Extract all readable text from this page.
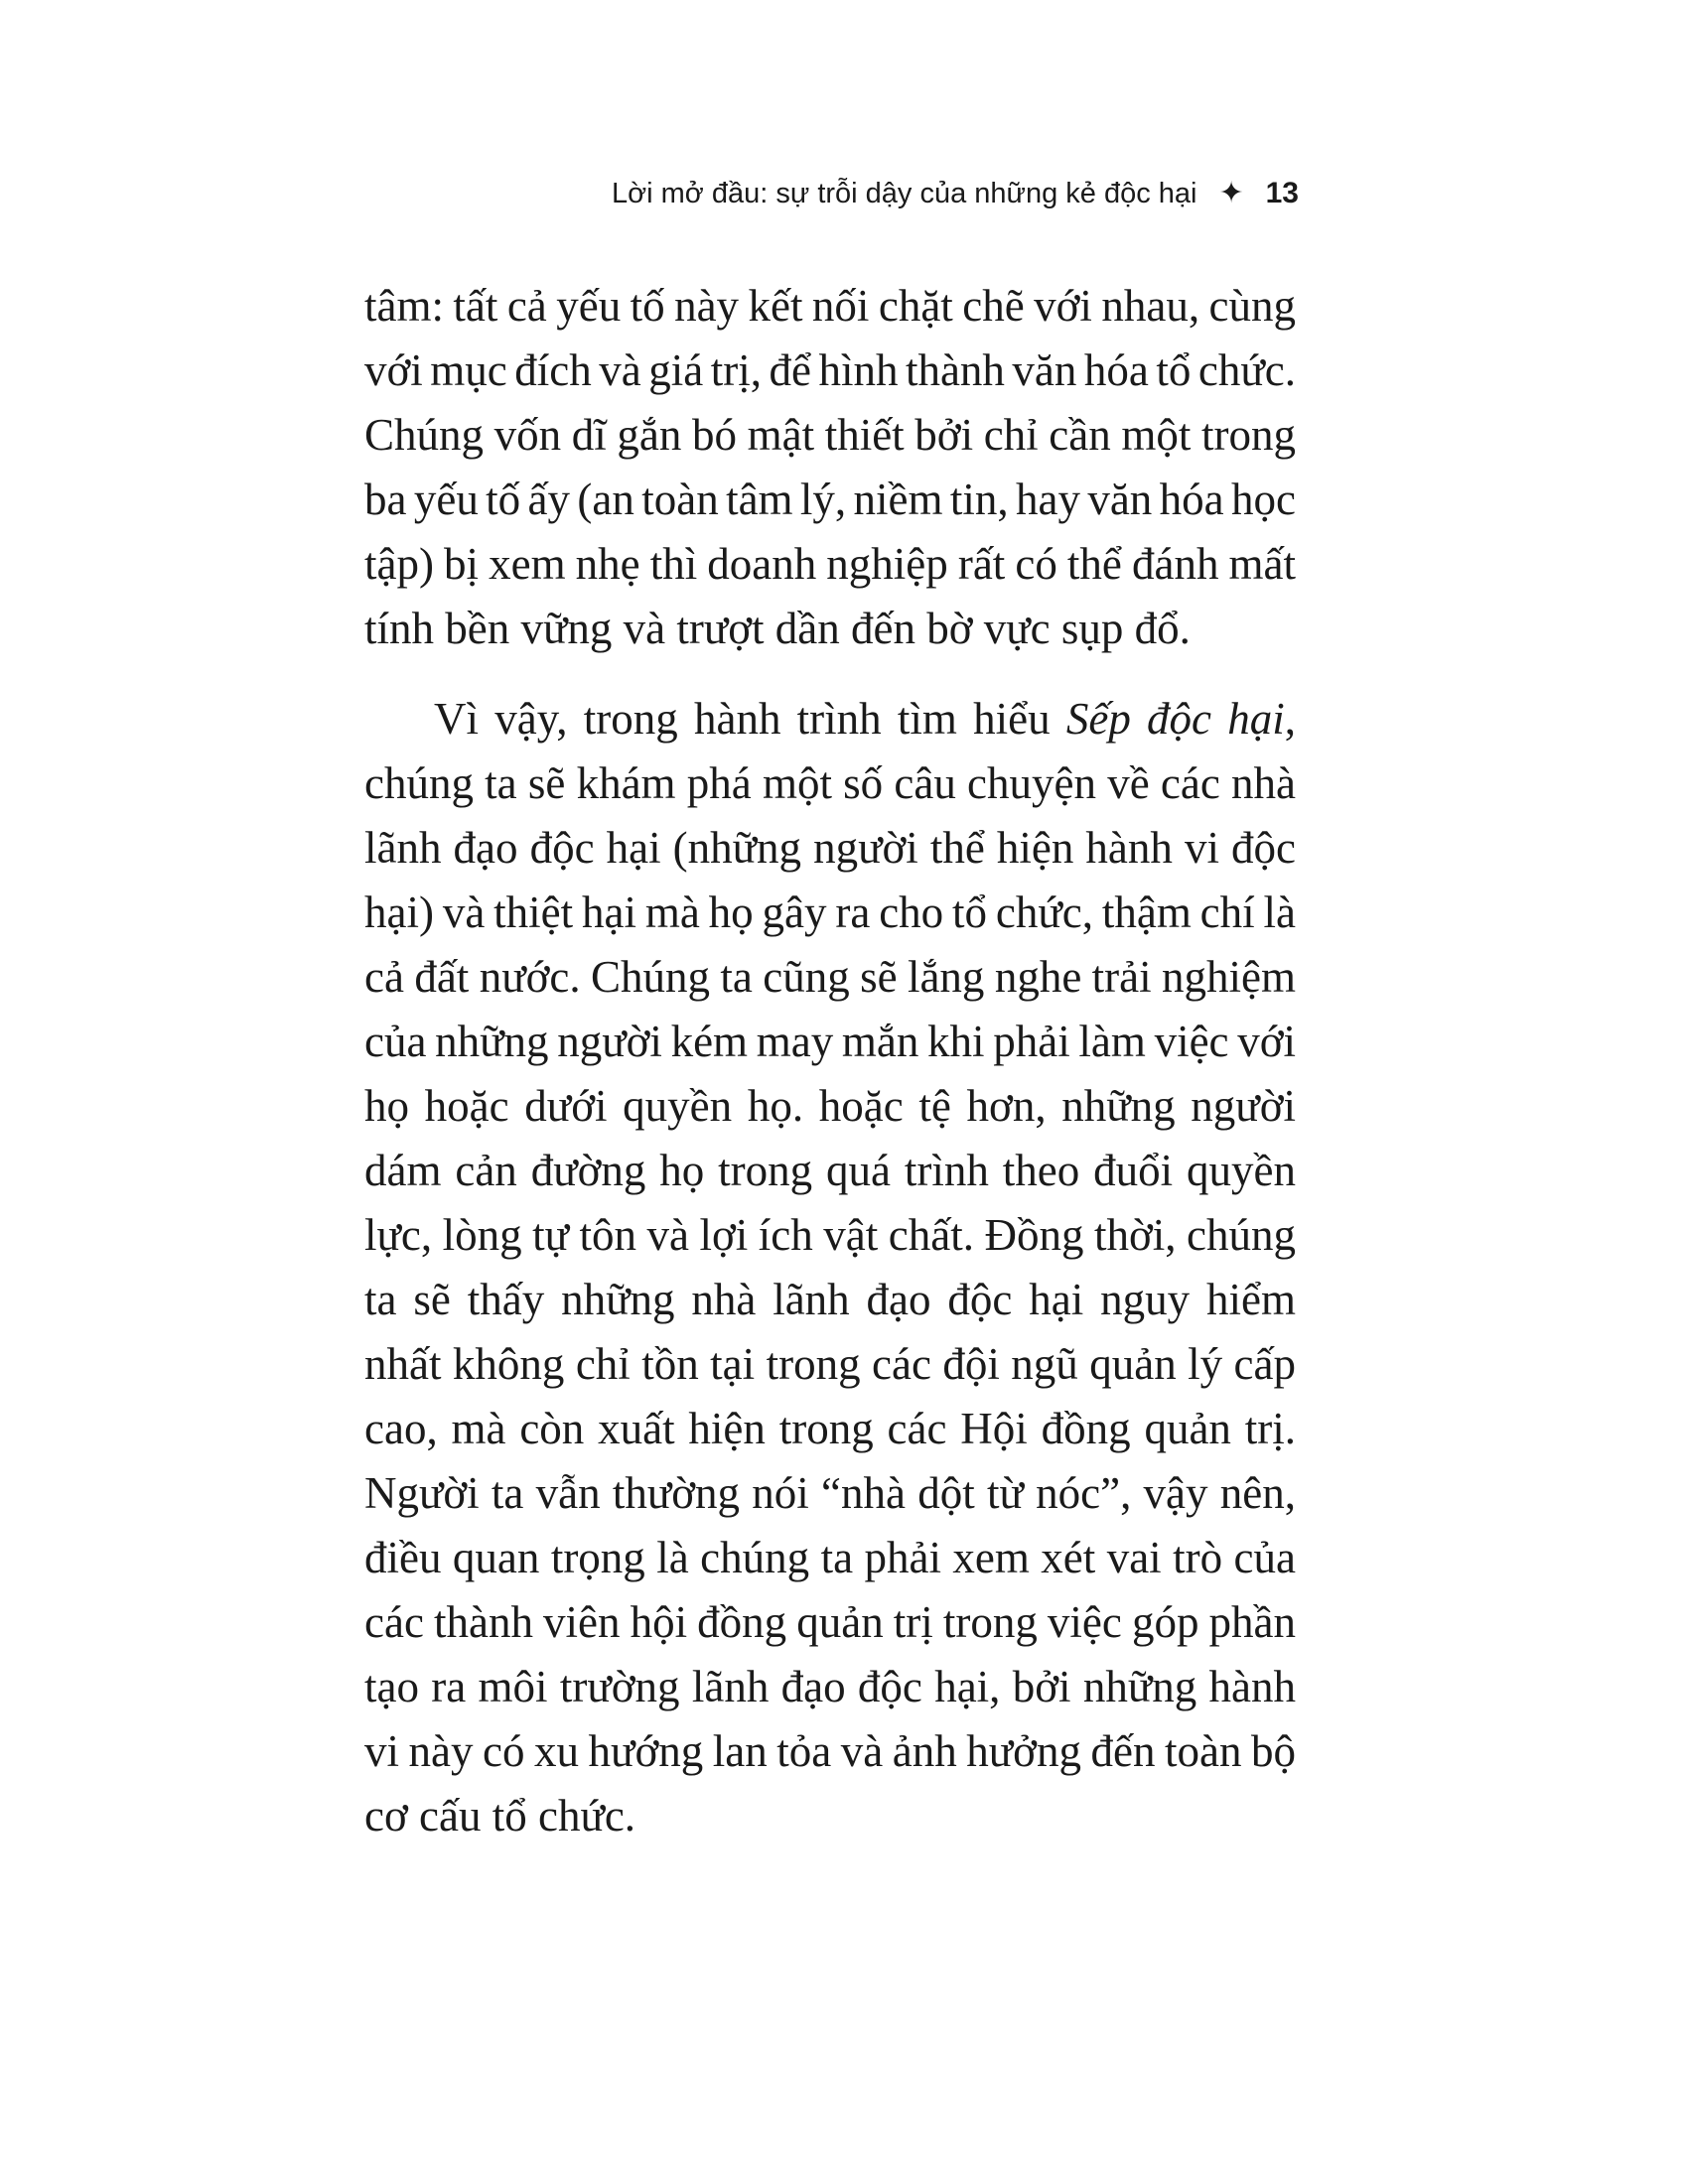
Lời mở đầu: sự trỗi dậy của những kẻ độc hại ✦ 13

tâm: tất cả yếu tố này kết nối chặt chẽ với nhau, cùng
với mục đích và giá trị, để hình thành văn hóa tổ chức.
Chúng vốn dĩ gắn bó mật thiết bởi chỉ cần một trong
ba yếu tố ấy (an toàn tâm lý, niềm tin, hay văn hóa học
tập) bị xem nhẹ thì doanh nghiệp rất có thể đánh mất
tính bền vững và trượt dần đến bờ vực sụp đổ.

Vì vậy, trong hành trình tìm hiểu Sếp độc hại,
chúng ta sẽ khám phá một số câu chuyện về các nhà
lãnh đạo độc hại (những người thể hiện hành vi độc
hại) và thiệt hại mà họ gây ra cho tổ chức, thậm chí là
cả đất nước. Chúng ta cũng sẽ lắng nghe trải nghiệm
của những người kém may mắn khi phải làm việc với
họ hoặc dưới quyền họ. hoặc tệ hơn, những người
dám cản đường họ trong quá trình theo đuổi quyền
lực, lòng tự tôn và lợi ích vật chất. Đồng thời, chúng
ta sẽ thấy những nhà lãnh đạo độc hại nguy hiểm
nhất không chỉ tồn tại trong các đội ngũ quản lý cấp
cao, mà còn xuất hiện trong các Hội đồng quản trị.
Người ta vẫn thường nói “nhà dột từ nóc”, vậy nên,
điều quan trọng là chúng ta phải xem xét vai trò của
các thành viên hội đồng quản trị trong việc góp phần
tạo ra môi trường lãnh đạo độc hại, bởi những hành
vi này có xu hướng lan tỏa và ảnh hưởng đến toàn bộ
cơ cấu tổ chức.
